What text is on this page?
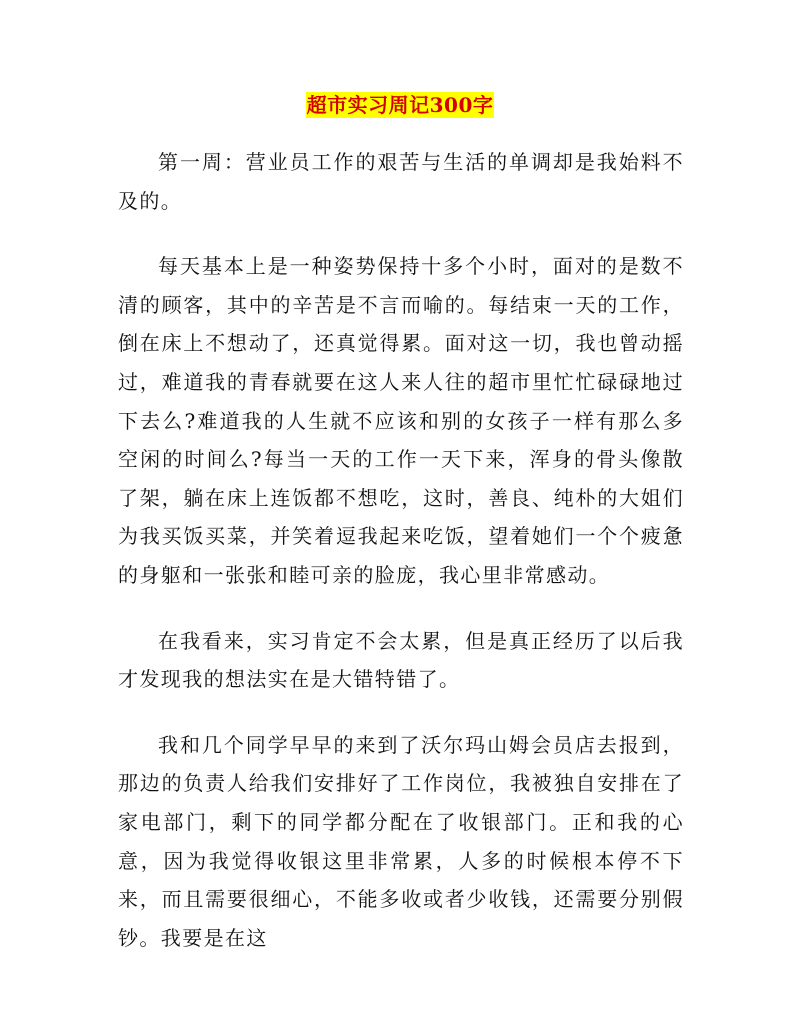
超市实习周记300字

第一周：营业员工作的艰苦与生活的单调却是我始料不及的。

每天基本上是一种姿势保持十多个小时，面对的是数不清的顾客，其中的辛苦是不言而喻的。每结束一天的工作，倒在床上不想动了，还真觉得累。面对这一切，我也曾动摇过，难道我的青春就要在这人来人往的超市里忙忙碌碌地过下去么?难道我的人生就不应该和别的女孩子一样有那么多空闲的时间么?每当一天的工作一天下来，浑身的骨头像散了架，躺在床上连饭都不想吃，这时，善良、纯朴的大姐们为我买饭买菜，并笑着逗我起来吃饭，望着她们一个个疲惫的身躯和一张张和睦可亲的脸庞，我心里非常感动。

在我看来，实习肯定不会太累，但是真正经历了以后我才发现我的想法实在是大错特错了。

我和几个同学早早的来到了沃尔玛山姆会员店去报到，那边的负责人给我们安排好了工作岗位，我被独自安排在了家电部门，剩下的同学都分配在了收银部门。正和我的心意，因为我觉得收银这里非常累，人多的时候根本停不下来，而且需要很细心，不能多收或者少收钱，还需要分别假钞。我要是在这
